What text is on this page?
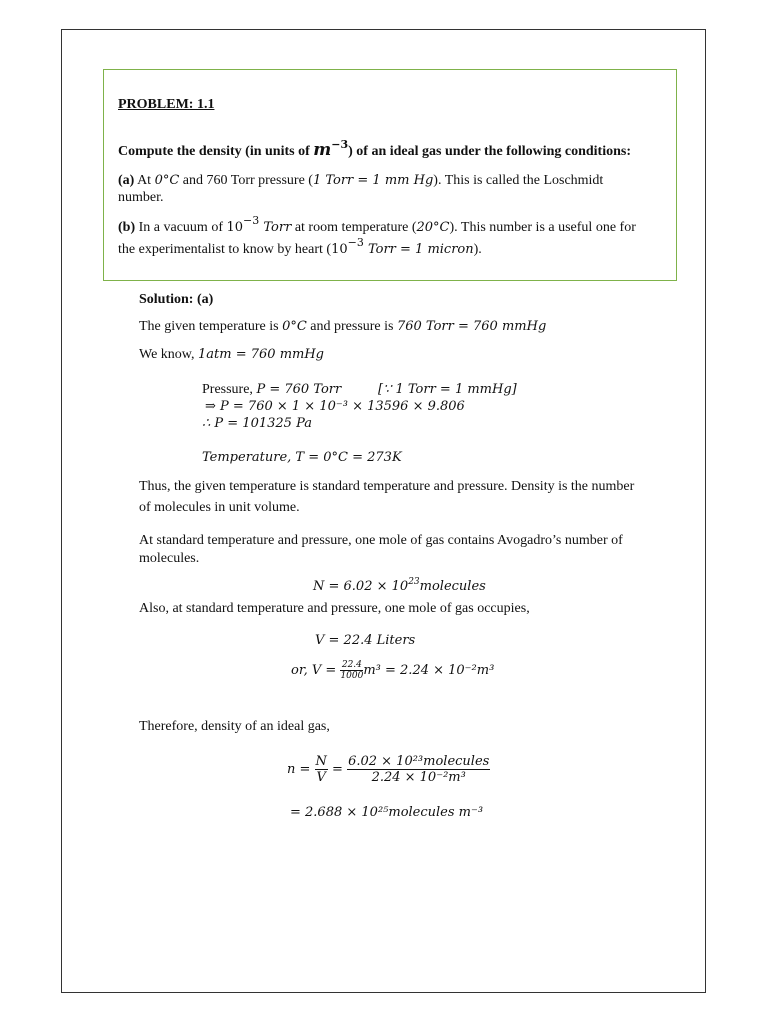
PROBLEM: 1.1
Compute the density (in units of $m^{-3}$) of an ideal gas under the following conditions:
(a) At 0°C and 760 Torr pressure (1 Torr = 1 mm Hg). This is called the Loschmidt
number.
(b) In a vacuum of $10^{-3}$ Torr at room temperature (20°C). This number is a useful one for
the experimentalist to know by heart ($10^{-3}$ Torr = 1 micron).
Solution: (a)
The given temperature is 0°C and pressure is 760 Torr = 760 mmHg
We know, 1atm = 760 mmHg
Pressure, P = 760 Torr	[∵ 1 Torr = 1 mmHg]
⇒ P = 760 × 1 × 10⁻³ × 13596 × 9.806
∴ P = 101325 Pa
Temperature, T = 0°C = 273K
Thus, the given temperature is standard temperature and pressure. Density is the number
of molecules in unit volume.
At standard temperature and pressure, one mole of gas contains Avogadro’s number of
molecules.
$N = 6.02 \times 10^{23}molecules$
Also, at standard temperature and pressure, one mole of gas occupies,
V = 22.4 Liters
or, $V = \frac{22.4}{1000} m^3 = 2.24 \times 10^{-2}m^3$
Therefore, density of an ideal gas,
$n = \frac{N}{V} = \frac{\text{6.02 × 10²³molecules}}{\text{2.24 × 10⁻²m³}}$
= 2.688 × 10²⁵molecules m⁻³
